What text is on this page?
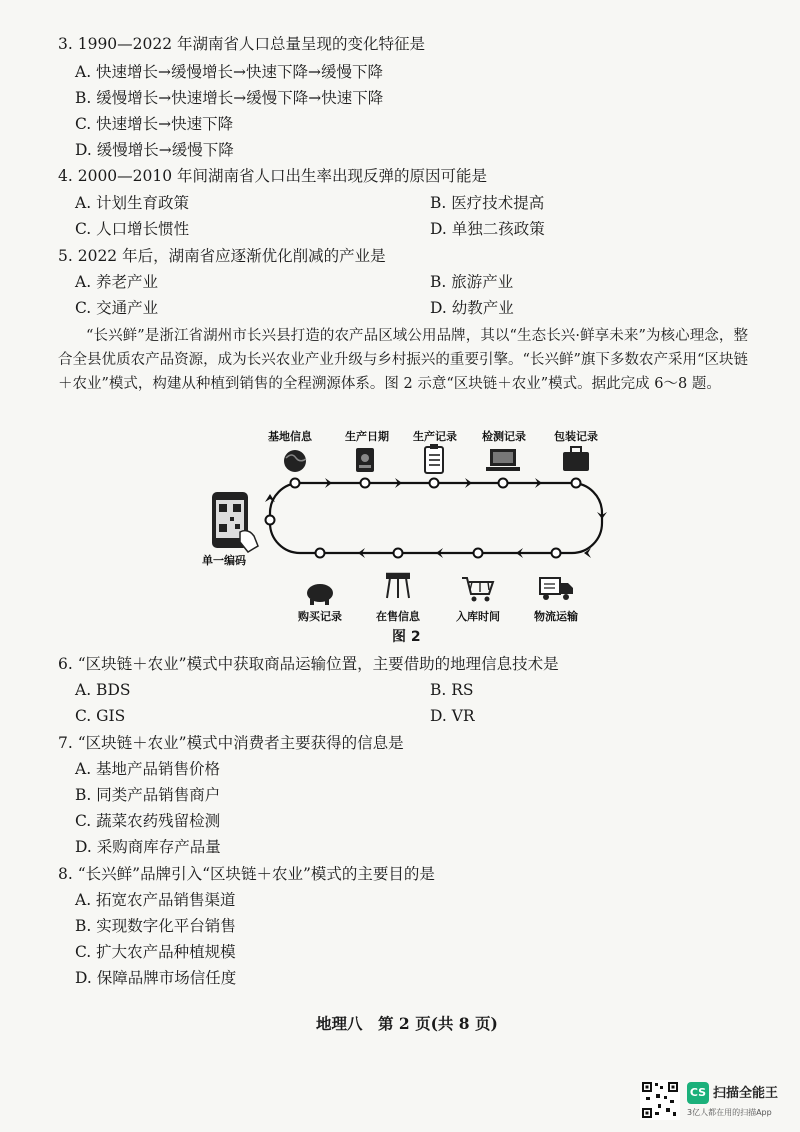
3. 1990—2022 年湖南省人口总量呈现的变化特征是
A. 快速增长→缓慢增长→快速下降→缓慢下降
B. 缓慢增长→快速增长→缓慢下降→快速下降
C. 快速增长→快速下降
D. 缓慢增长→缓慢下降
4. 2000—2010 年间湖南省人口出生率出现反弹的原因可能是
A. 计划生育政策	B. 医疗技术提高
C. 人口增长惯性	D. 单独二孩政策
5. 2022 年后，湖南省应逐渐优化削减的产业是
A. 养老产业	B. 旅游产业
C. 交通产业	D. 幼教产业

“长兴鲜”是浙江省湖州市长兴县打造的农产品区域公用品牌，其以“生态长兴·鲜享未来”为核心理念，整合全县优质农产品资源，成为长兴农业产业升级与乡村振兴的重要引擎。“长兴鲜”旗下多数农产采用“区块链＋农业”模式，构建从种植到销售的全程溯源体系。图 2 示意“区块链＋农业”模式。据此完成 6～8 题。

基地信息	生产日期 生产记录 检测记录	包装记录
单一编码
购买记录	在售信息	入库时间	物流运输
图 2
6. “区块链＋农业”模式中获取商品运输位置，主要借助的地理信息技术是
A. BDS	B. RS
C. GIS	D. VR
7. “区块链＋农业”模式中消费者主要获得的信息是
A. 基地产品销售价格
B. 同类产品销售商户
C. 蔬菜农药残留检测
D. 采购商库存产品量
8. “长兴鲜”品牌引入“区块链＋农业”模式的主要目的是
A. 拓宽农产品销售渠道
B. 实现数字化平台销售
C. 扩大农产品种植规模
D. 保障品牌市场信任度
地理八　第 2 页(共 8 页)
CS 扫描全能王
3亿人都在用的扫描App
